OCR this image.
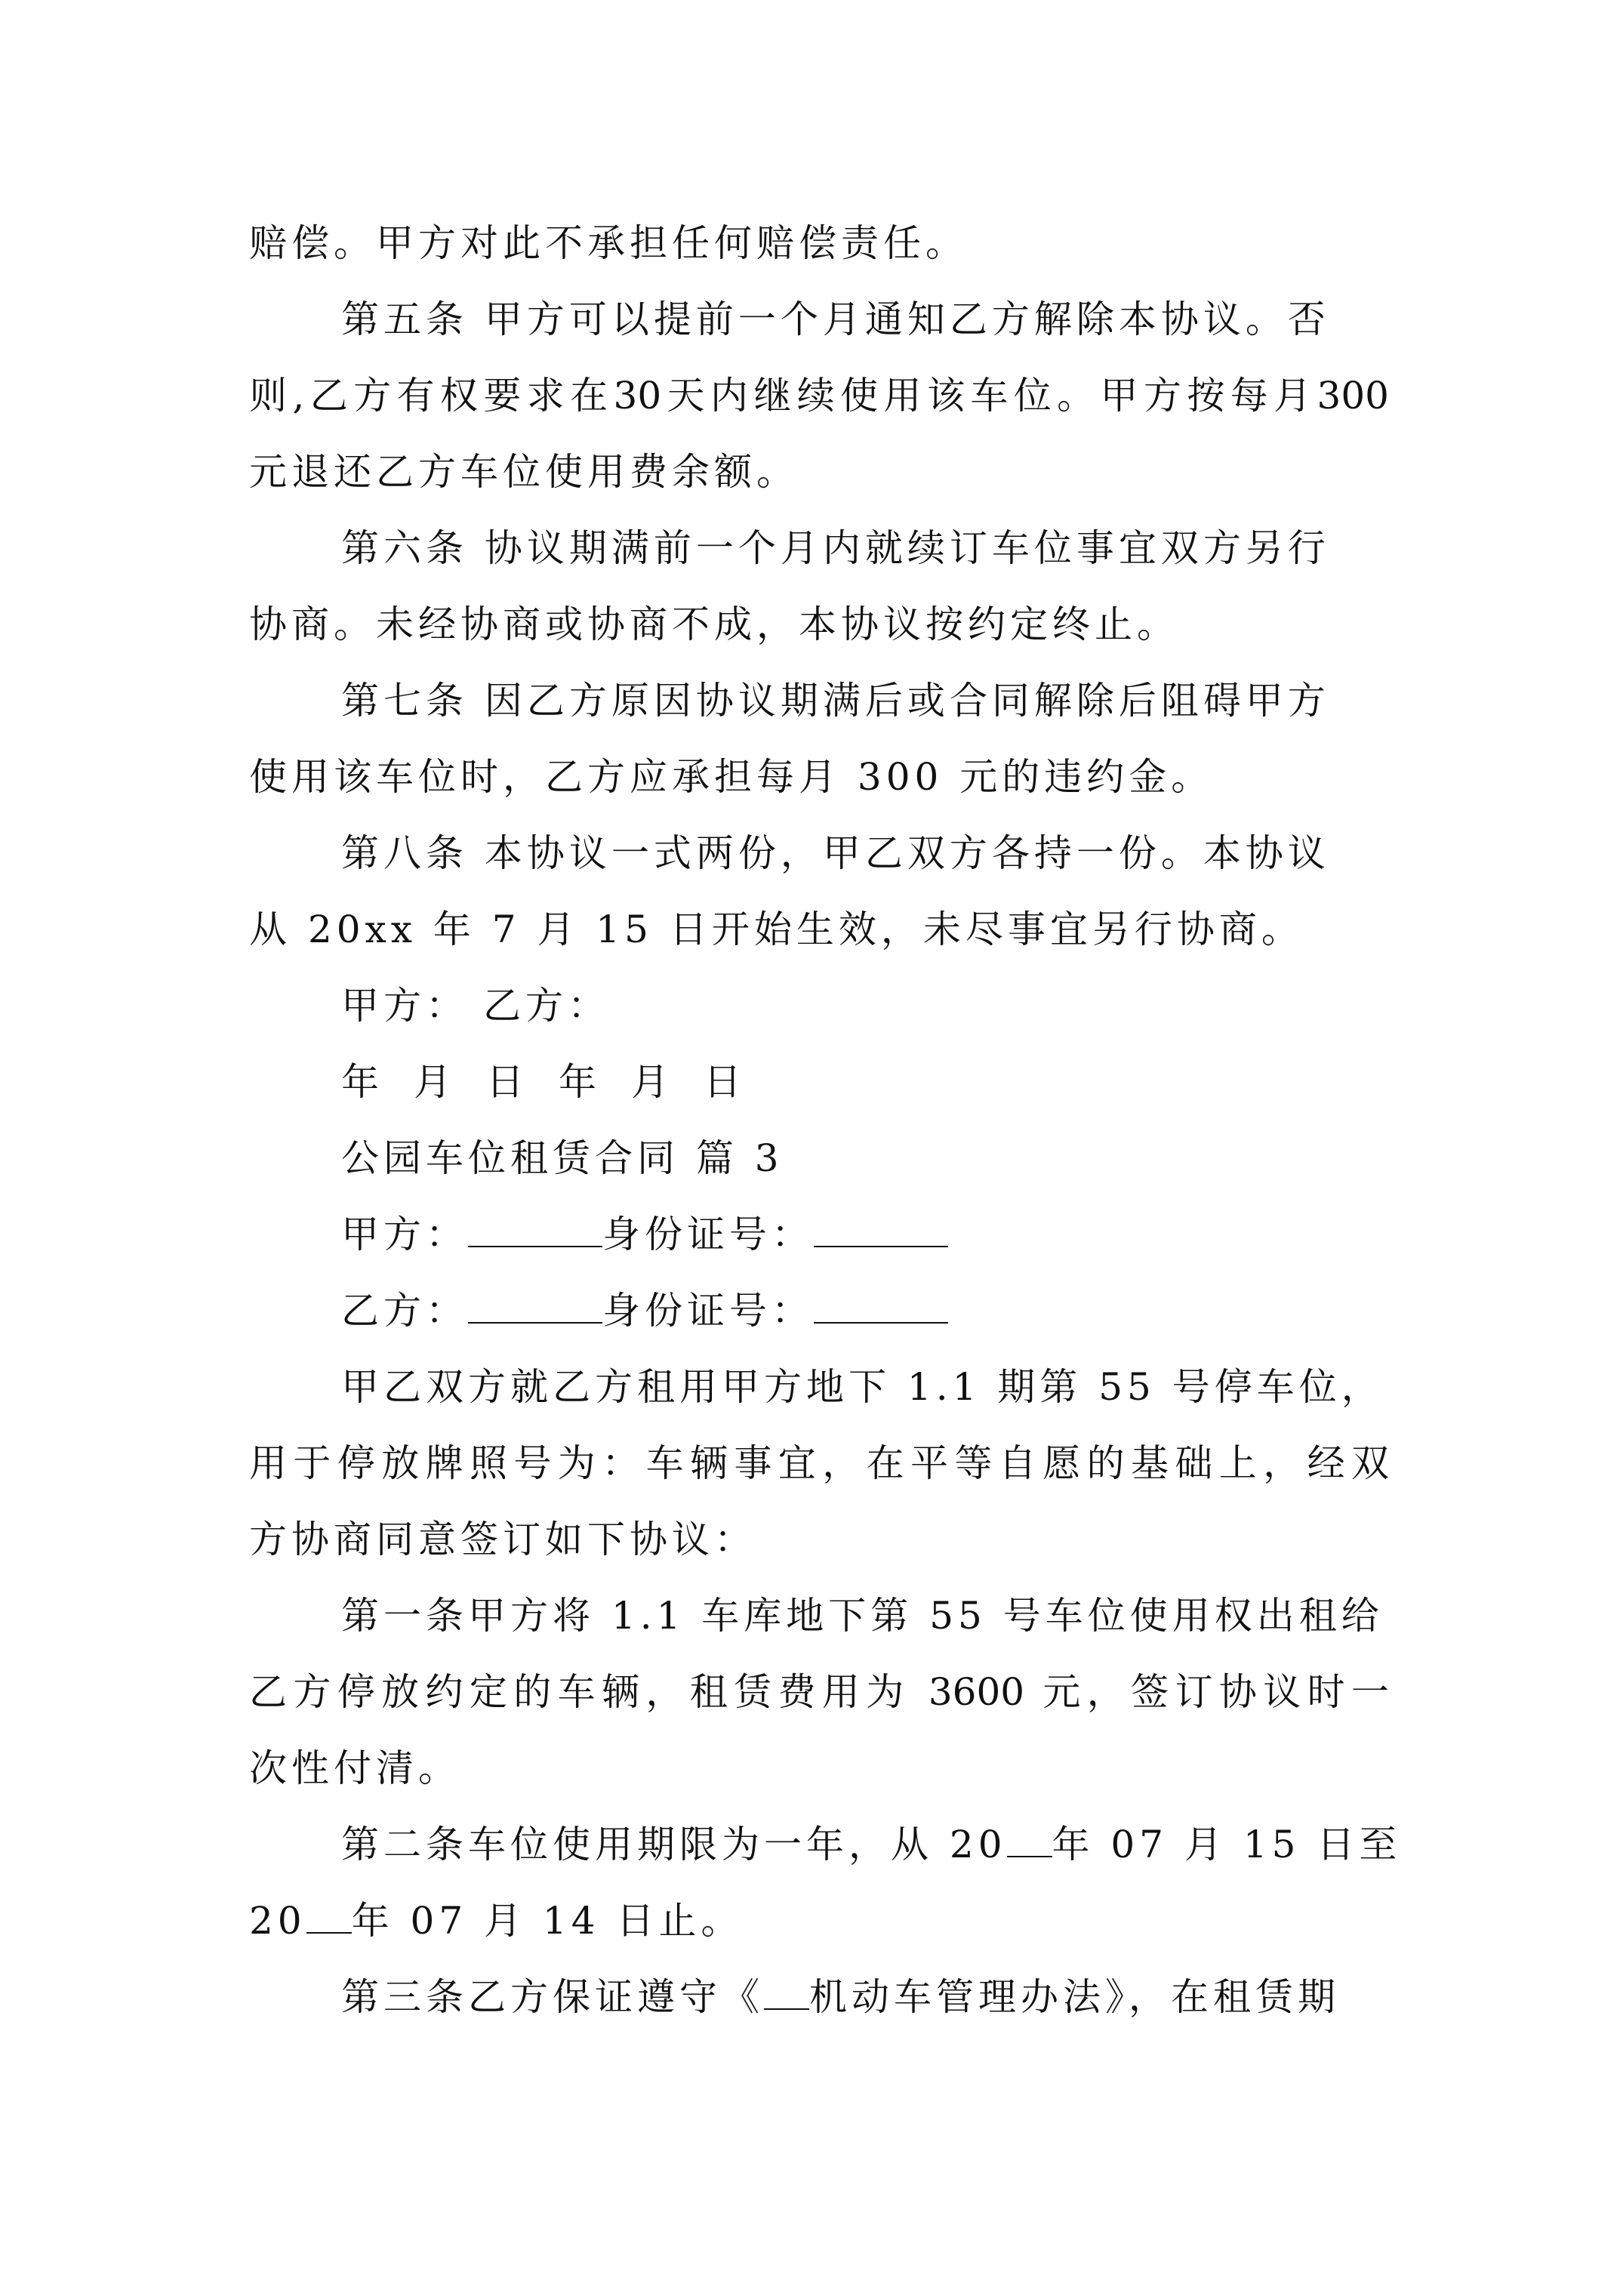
赔偿。甲方对此不承担任何赔偿责任。
第五条 甲方可以提前一个月通知乙方解除本协议。否
则,乙方有权要求在30天内继续使用该车位。甲方按每月300
元退还乙方车位使用费余额。
第六条 协议期满前一个月内就续订车位事宜双方另行
协商。未经协商或协商不成，本协议按约定终止。
第七条 因乙方原因协议期满后或合同解除后阻碍甲方
使用该车位时，乙方应承担每月 300 元的违约金。
第八条 本协议一式两份，甲乙双方各持一份。本协议
从 20xx 年 7 月 15 日开始生效，未尽事宜另行协商。
甲方： 乙方：
年 月 日 年 月 日
公园车位租赁合同 篇 3
甲方：	身份证号：
乙方：	身份证号：
甲乙双方就乙方租用甲方地下 1.1 期第 55 号停车位，
用于停放牌照号为：车辆事宜，在平等自愿的基础上，经双
方协商同意签订如下协议：
第一条甲方将 1.1 车库地下第 55 号车位使用权出租给
乙方停放约定的车辆，租赁费用为 3600 元，签订协议时一
次性付清。
第二条车位使用期限为一年，从 20 年 07 月 15 日至
20 年 07 月 14 日止。
第三条乙方保证遵守《 机动车管理办法》，在租赁期
